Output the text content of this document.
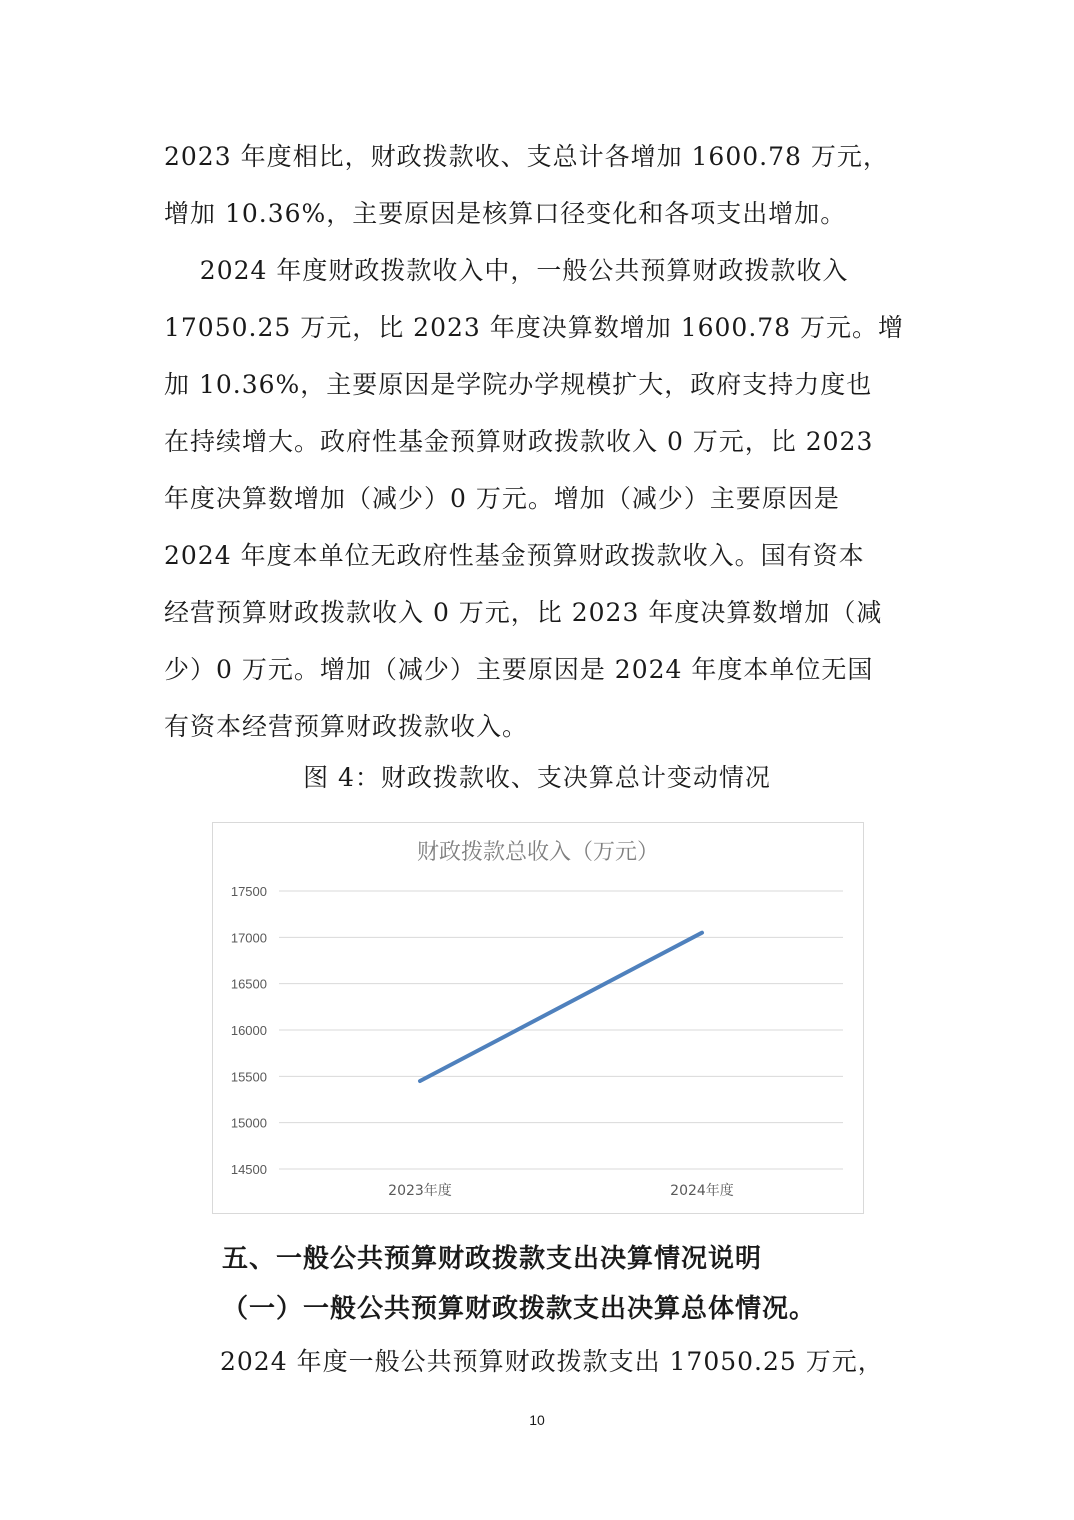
2023 年度相比，财政拨款收、支总计各增加 1600.78 万元，
增加 10.36%，主要原因是核算口径变化和各项支出增加。
2024 年度财政拨款收入中，一般公共预算财政拨款收入
17050.25 万元，比 2023 年度决算数增加 1600.78 万元。增
加 10.36%，主要原因是学院办学规模扩大，政府支持力度也
在持续增大。政府性基金预算财政拨款收入 0 万元，比 2023
年度决算数增加（减少）0 万元。增加（减少）主要原因是
2024 年度本单位无政府性基金预算财政拨款收入。国有资本
经营预算财政拨款收入 0 万元，比 2023 年度决算数增加（减
少）0 万元。增加（减少）主要原因是 2024 年度本单位无国
有资本经营预算财政拨款收入。
图 4：财政拨款收、支决算总计变动情况
财政拨款总收入（万元）
14500
15000
15500
16000
16500
17000
17500
2023年度	2024年度
五、一般公共预算财政拨款支出决算情况说明
（一）一般公共预算财政拨款支出决算总体情况。
2024 年度一般公共预算财政拨款支出 17050.25 万元，
10
